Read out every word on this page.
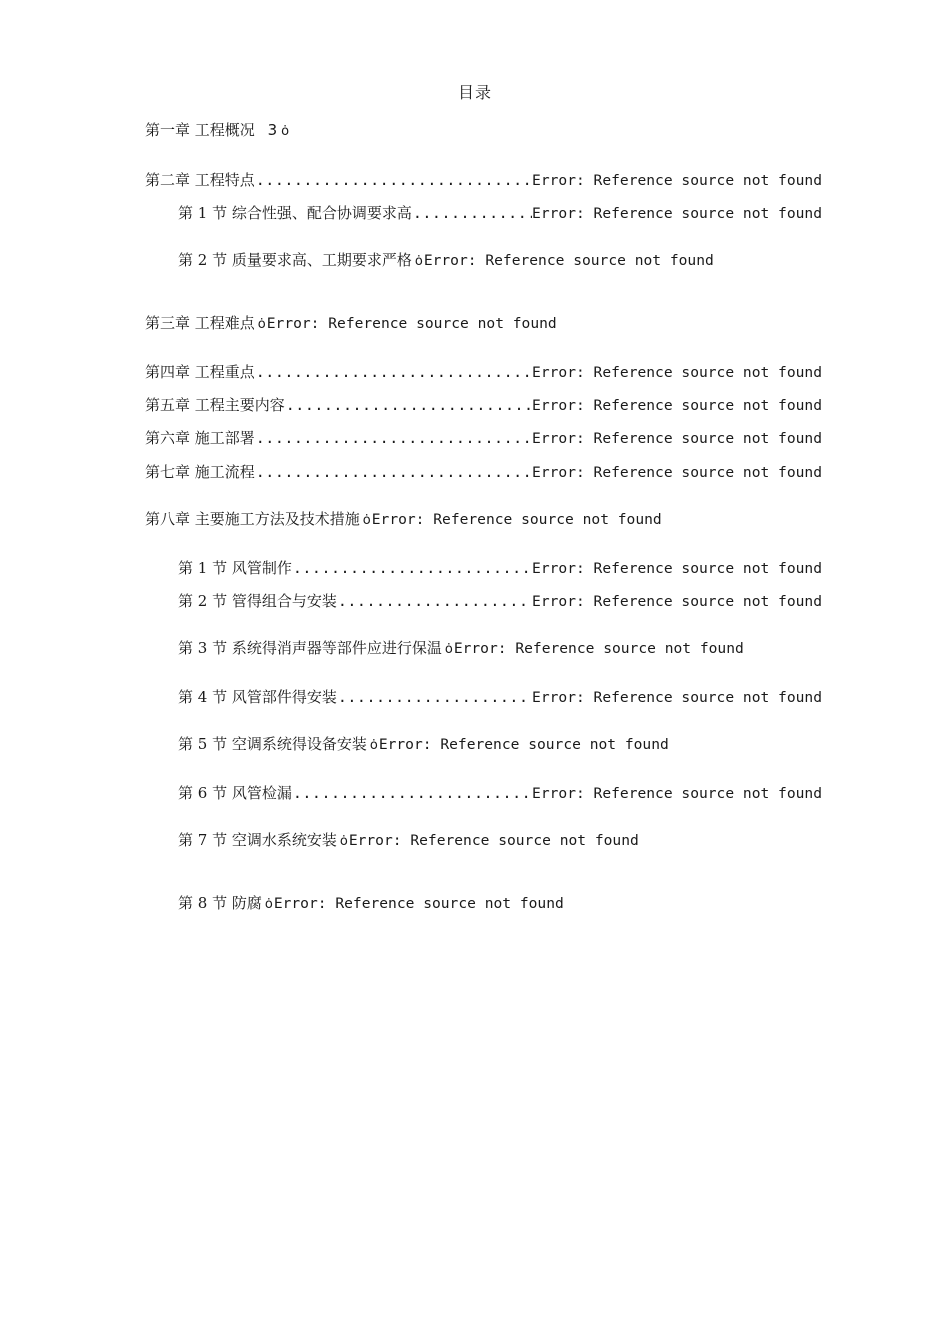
目录
第一章 工程概况 3 ȯ
第二章 工程特点 .....	Error: Reference source not found
第 1 节 综合性强、配合协调要求高 .....	Error: Reference source not found
第 2 节 质量要求高、工期要求严格 ȯError: Reference source not found
第三章 工程难点 ȯError: Reference source not found
第四章 工程重点 .....	Error: Reference source not found
第五章 工程主要内容 .....	Error: Reference source not found
第六章 施工部署 .....	Error: Reference source not found
第七章 施工流程 .....	Error: Reference source not found
第八章 主要施工方法及技术措施 ȯError: Reference source not found
第 1 节 风管制作 .....	Error: Reference source not found
第 2 节 管得组合与安装 .....	Error: Reference source not found
第 3 节 系统得消声器等部件应进行保温 ȯError: Reference source not found
第 4 节 风管部件得安装 .....	Error: Reference source not found
第 5 节 空调系统得设备安装 ȯError: Reference source not found
第 6 节 风管检漏 .....	Error: Reference source not found
第 7 节 空调水系统安装 ȯError: Reference source not found
第 8 节 防腐 ȯError: Reference source not found
